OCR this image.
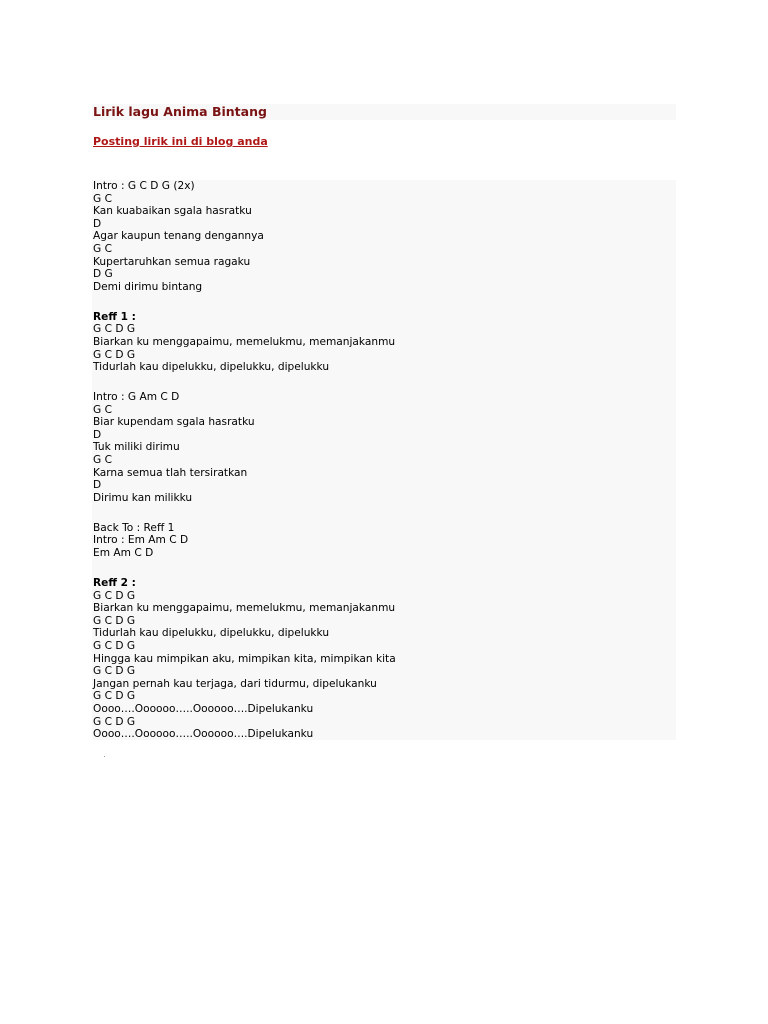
Lirik lagu Anima Bintang
Posting lirik ini di blog anda
Intro : G C D G (2x)
G C
Kan kuabaikan sgala hasratku
D
Agar kaupun tenang dengannya
G C
Kupertaruhkan semua ragaku
D G
Demi dirimu bintang
Reff 1 :
G C D G
Biarkan ku menggapaimu, memelukmu, memanjakanmu
G C D G
Tidurlah kau dipelukku, dipelukku, dipelukku
Intro : G Am C D
G C
Biar kupendam sgala hasratku
D
Tuk miliki dirimu
G C
Karna semua tlah tersiratkan
D
Dirimu kan milikku
Back To : Reff 1
Intro : Em Am C D
Em Am C D
Reff 2 :
G C D G
Biarkan ku menggapaimu, memelukmu, memanjakanmu
G C D G
Tidurlah kau dipelukku, dipelukku, dipelukku
G C D G
Hingga kau mimpikan aku, mimpikan kita, mimpikan kita
G C D G
Jangan pernah kau terjaga, dari tidurmu, dipelukanku
G C D G
Oooo….Oooooo…..Oooooo….Dipelukanku
G C D G
Oooo….Oooooo…..Oooooo….Dipelukanku
